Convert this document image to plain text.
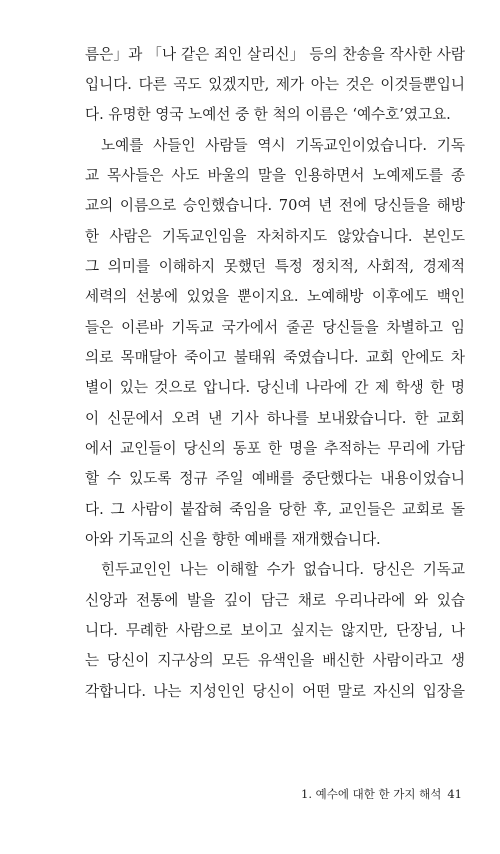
름은」과 「나 같은 죄인 살리신」 등의 찬송을 작사한 사람
입니다. 다른 곡도 있겠지만, 제가 아는 것은 이것들뿐입니
다. 유명한 영국 노예선 중 한 척의 이름은 ‘예수호’였고요.
노예를 사들인 사람들 역시 기독교인이었습니다. 기독
교 목사들은 사도 바울의 말을 인용하면서 노예제도를 종
교의 이름으로 승인했습니다. 70여 년 전에 당신들을 해방
한 사람은 기독교인임을 자처하지도 않았습니다. 본인도
그 의미를 이해하지 못했던 특정 정치적, 사회적, 경제적
세력의 선봉에 있었을 뿐이지요. 노예해방 이후에도 백인
들은 이른바 기독교 국가에서 줄곧 당신들을 차별하고 임
의로 목매달아 죽이고 불태워 죽였습니다. 교회 안에도 차
별이 있는 것으로 압니다. 당신네 나라에 간 제 학생 한 명
이 신문에서 오려 낸 기사 하나를 보내왔습니다. 한 교회
에서 교인들이 당신의 동포 한 명을 추적하는 무리에 가담
할 수 있도록 정규 주일 예배를 중단했다는 내용이었습니
다. 그 사람이 붙잡혀 죽임을 당한 후, 교인들은 교회로 돌
아와 기독교의 신을 향한 예배를 재개했습니다.
힌두교인인 나는 이해할 수가 없습니다. 당신은 기독교
신앙과 전통에 발을 깊이 담근 채로 우리나라에 와 있습
니다. 무례한 사람으로 보이고 싶지는 않지만, 단장님, 나
는 당신이 지구상의 모든 유색인을 배신한 사람이라고 생
각합니다. 나는 지성인인 당신이 어떤 말로 자신의 입장을
1. 예수에 대한 한 가지 해석 41
